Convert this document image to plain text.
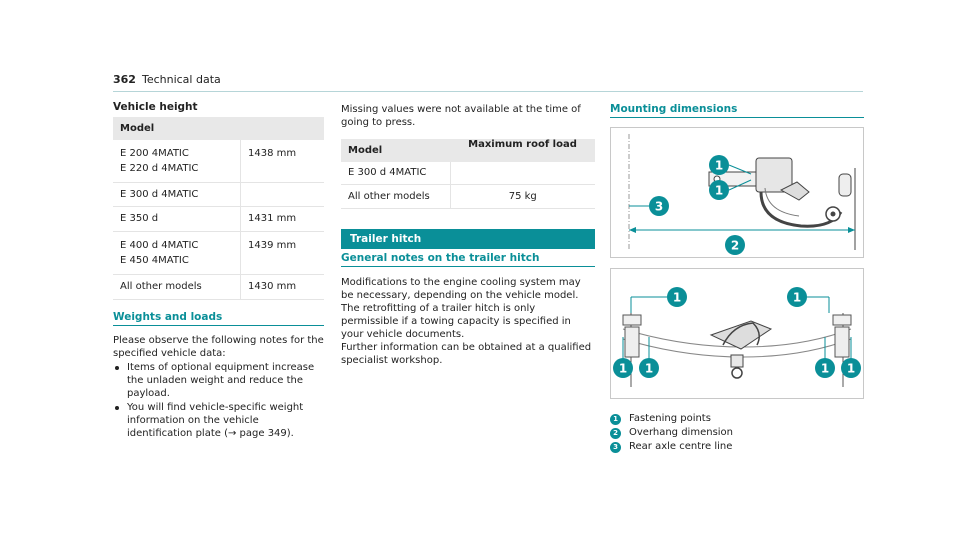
362 Technical data
Vehicle height
Model	

E 200 4MATIC
E 220 d 4MATIC	1438 mm
E 300 d 4MATIC	
E 350 d	1431 mm

E 400 d 4MATIC
E 450 4MATIC	1439 mm
All other models	1430 mm
Weights and loads
Please observe the following notes for the specified vehicle data:
Items of optional equipment increase the unladen weight and reduce the payload.
You will find vehicle-specific weight information on the vehicle identification plate (→ page 349).
Missing values were not available at the time of going to press.
Model	Maximum roof load
E 300 d 4MATIC	
All other models	75 kg
Trailer hitch
General notes on the trailer hitch
Modifications to the engine cooling system may be necessary, depending on the vehicle model. The retrofitting of a trailer hitch is only permissible if a towing capacity is specified in your vehicle documents.
Further information can be obtained at a qualified specialist workshop.
Mounting dimensions
1
1
3
2
1	1
1 1	1 1
1	Fastening points
2	Overhang dimension
3	Rear axle centre line
